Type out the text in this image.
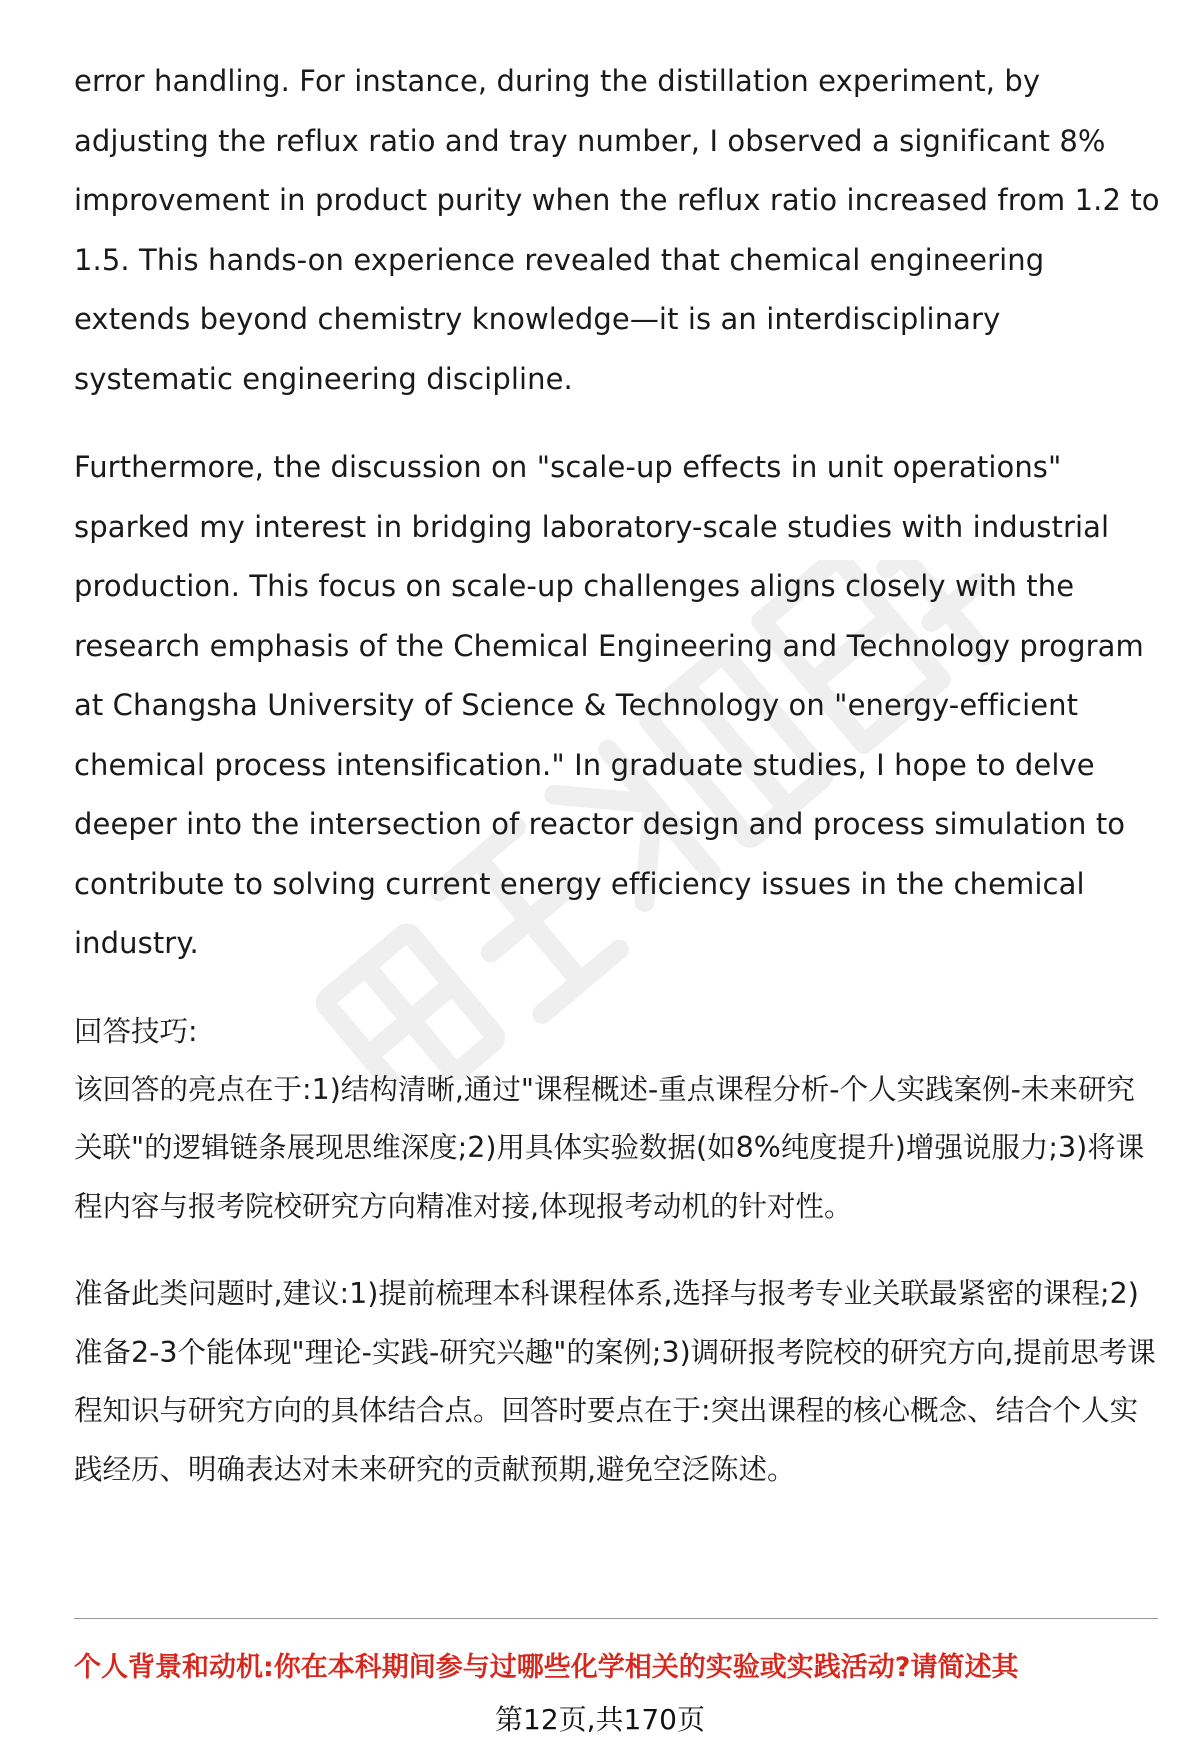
error handling. For instance, during the distillation experiment, by adjusting the reflux ratio and tray number, I observed a significant 8% improvement in product purity when the reflux ratio increased from 1.2 to 1.5. This hands-on experience revealed that chemical engineering extends beyond chemistry knowledge—it is an interdisciplinary systematic engineering discipline.

Furthermore, the discussion on "scale-up effects in unit operations" sparked my interest in bridging laboratory-scale studies with industrial production. This focus on scale-up challenges aligns closely with the research emphasis of the Chemical Engineering and Technology program at Changsha University of Science & Technology on "energy-efficient chemical process intensification." In graduate studies, I hope to delve deeper into the intersection of reactor design and process simulation to contribute to solving current energy efficiency issues in the chemical industry.

回答技巧:

该回答的亮点在于:1)结构清晰,通过"课程概述-重点课程分析-个人实践案例-未来研究关联"的逻辑链条展现思维深度;2)用具体实验数据(如8%纯度提升)增强说服力;3)将课程内容与报考院校研究方向精准对接,体现报考动机的针对性。

准备此类问题时,建议:1)提前梳理本科课程体系,选择与报考专业关联最紧密的课程;2)准备2-3个能体现"理论-实践-研究兴趣"的案例;3)调研报考院校的研究方向,提前思考课程知识与研究方向的具体结合点。回答时要点在于:突出课程的核心概念、结合个人实践经历、明确表达对未来研究的贡献预期,避免空泛陈述。

个人背景和动机:你在本科期间参与过哪些化学相关的实验或实践活动?请简述其
第12页,共170页
